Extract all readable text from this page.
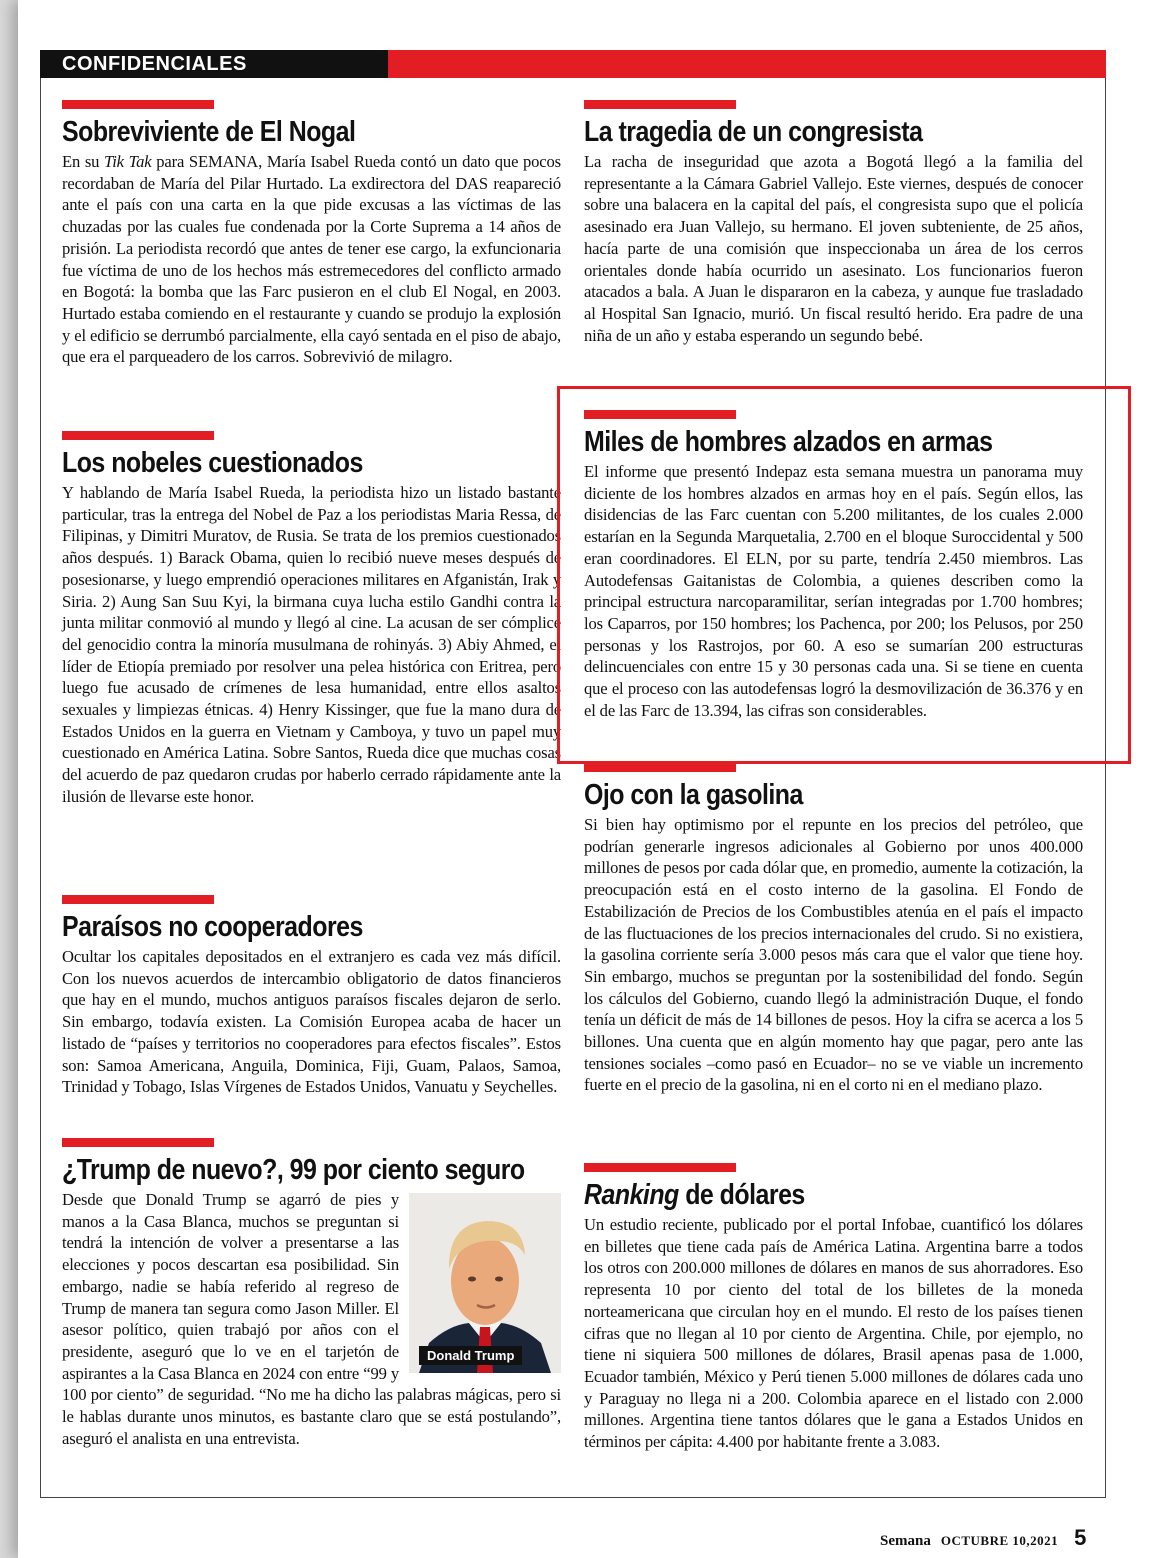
CONFIDENCIALES
Sobreviviente de El Nogal

En su Tik Tak para SEMANA, María Isabel Rueda contó un dato que pocos recordaban de María del Pilar Hurtado. La exdirectora del DAS reapareció ante el país con una carta en la que pide excusas a las víctimas de las chuzadas por las cuales fue condenada por la Corte Suprema a 14 años de prisión. La periodista recordó que antes de tener ese cargo, la exfuncionaria fue víctima de uno de los hechos más estremecedores del conflicto armado en Bogotá: la bomba que las Farc pusieron en el club El Nogal, en 2003. Hurtado estaba comiendo en el restaurante y cuando se produjo la explosión y el edificio se derrumbó parcialmente, ella cayó sentada en el piso de abajo, que era el parqueadero de los carros. Sobrevivió de milagro.

Los nobeles cuestionados

Y hablando de María Isabel Rueda, la periodista hizo un listado bastante particular, tras la entrega del Nobel de Paz a los periodistas Maria Ressa, de Filipinas, y Dimitri Muratov, de Rusia. Se trata de los premios cuestionados años después. 1) Barack Obama, quien lo recibió nueve meses después de posesionarse, y luego emprendió operaciones militares en Afganistán, Irak y Siria. 2) Aung San Suu Kyi, la birmana cuya lucha estilo Gandhi contra la junta militar conmovió al mundo y llegó al cine. La acusan de ser cómplice del genocidio contra la minoría musulmana de rohinyás. 3) Abiy Ahmed, el líder de Etiopía premiado por resolver una pelea histórica con Eritrea, pero luego fue acusado de crímenes de lesa humanidad, entre ellos asaltos sexuales y limpiezas étnicas. 4) Henry Kissinger, que fue la mano dura de Estados Unidos en la guerra en Vietnam y Camboya, y tuvo un papel muy cuestionado en América Latina. Sobre Santos, Rueda dice que muchas cosas del acuerdo de paz quedaron crudas por haberlo cerrado rápidamente ante la ilusión de llevarse este honor.

Paraísos no cooperadores

Ocultar los capitales depositados en el extranjero es cada vez más difícil. Con los nuevos acuerdos de intercambio obligatorio de datos financieros que hay en el mundo, muchos antiguos paraísos fiscales dejaron de serlo. Sin embargo, todavía existen. La Comisión Europea acaba de hacer un listado de “países y territorios no cooperadores para efectos fiscales”. Estos son: Samoa Americana, Anguila, Dominica, Fiji, Guam, Palaos, Samoa, Trinidad y Tobago, Islas Vírgenes de Estados Unidos, Vanuatu y Seychelles.

¿Trump de nuevo?, 99 por ciento seguro
Donald Trump

Desde que Donald Trump se agarró de pies y manos a la Casa Blanca, muchos se preguntan si tendrá la intención de volver a presentarse a las elecciones y pocos descartan esa posibilidad. Sin embargo, nadie se había referido al regreso de Trump de manera tan segura como Jason Miller. El asesor político, quien trabajó por años con el presidente, aseguró que lo ve en el tarjetón de aspirantes a la Casa Blanca en 2024 con entre “99 y 100 por ciento” de seguridad. “No me ha dicho las palabras mágicas, pero si le hablas durante unos minutos, es bastante claro que se está postulando”, aseguró el analista en una entrevista.

La tragedia de un congresista

La racha de inseguridad que azota a Bogotá llegó a la familia del representante a la Cámara Gabriel Vallejo. Este viernes, después de conocer sobre una balacera en la capital del país, el congresista supo que el policía asesinado era Juan Vallejo, su hermano. El joven subteniente, de 25 años, hacía parte de una comisión que inspeccionaba un área de los cerros orientales donde había ocurrido un asesinato. Los funcionarios fueron atacados a bala. A Juan le dispararon en la cabeza, y aunque fue trasladado al Hospital San Ignacio, murió. Un fiscal resultó herido. Era padre de una niña de un año y estaba esperando un segundo bebé.

Miles de hombres alzados en armas

El informe que presentó Indepaz esta semana muestra un panorama muy diciente de los hombres alzados en armas hoy en el país. Según ellos, las disidencias de las Farc cuentan con 5.200 militantes, de los cuales 2.000 estarían en la Segunda Marquetalia, 2.700 en el bloque Suroccidental y 500 eran coordinadores. El ELN, por su parte, tendría 2.450 miembros. Las Autodefensas Gaitanistas de Colombia, a quienes describen como la principal estructura narcoparamilitar, serían integradas por 1.700 hombres; los Caparros, por 150 hombres; los Pachenca, por 200; los Pelusos, por 250 personas y los Rastrojos, por 60. A eso se sumarían 200 estructuras delincuenciales con entre 15 y 30 personas cada una. Si se tiene en cuenta que el proceso con las autodefensas logró la desmovilización de 36.376 y en el de las Farc de 13.394, las cifras son considerables.

Ojo con la gasolina

Si bien hay optimismo por el repunte en los precios del petróleo, que podrían generarle ingresos adicionales al Gobierno por unos 400.000 millones de pesos por cada dólar que, en promedio, aumente la cotización, la preocupación está en el costo interno de la gasolina. El Fondo de Estabilización de Precios de los Combustibles atenúa en el país el impacto de las fluctuaciones de los precios internacionales del crudo. Si no existiera, la gasolina corriente sería 3.000 pesos más cara que el valor que tiene hoy. Sin embargo, muchos se preguntan por la sostenibilidad del fondo. Según los cálculos del Gobierno, cuando llegó la administración Duque, el fondo tenía un déficit de más de 14 billones de pesos. Hoy la cifra se acerca a los 5 billones. Una cuenta que en algún momento hay que pagar, pero ante las tensiones sociales –como pasó en Ecuador– no se ve viable un incremento fuerte en el precio de la gasolina, ni en el corto ni en el mediano plazo.

Ranking de dólares

Un estudio reciente, publicado por el portal Infobae, cuantificó los dólares en billetes que tiene cada país de América Latina. Argentina barre a todos los otros con 200.000 millones de dólares en manos de sus ahorradores. Eso representa 10 por ciento del total de los billetes de la moneda norteamericana que circulan hoy en el mundo. El resto de los países tienen cifras que no llegan al 10 por ciento de Argentina. Chile, por ejemplo, no tiene ni siquiera 500 millones de dólares, Brasil apenas pasa de 1.000, Ecuador también, México y Perú tienen 5.000 millones de dólares cada uno y Paraguay no llega ni a 200. Colombia aparece en el listado con 2.000 millones. Argentina tiene tantos dólares que le gana a Estados Unidos en términos per cápita: 4.400 por habitante frente a 3.083.

Semana OCTUBRE 10,2021 5
